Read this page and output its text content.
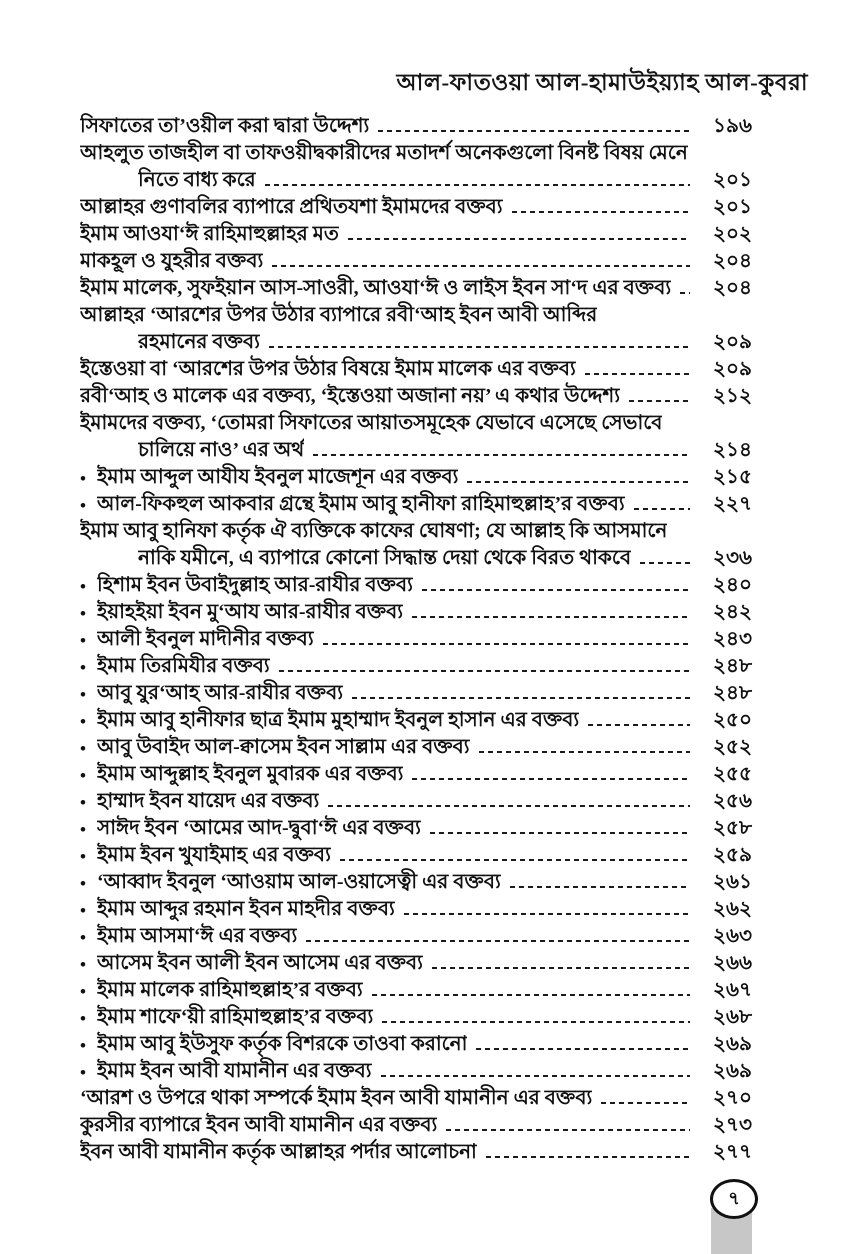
আল-ফাতওয়া আল-হামাউইয়্যাহ আল-কুবরা
সিফাতের তা’ওয়ীল করা দ্বারা উদ্দেশ্য	১৯৬
আহলুত তাজহীল বা তাফওয়ীদ্বকারীদের মতাদর্শ অনেকগুলো বিনষ্ট বিষয় মেনে
নিতে বাধ্য করে	২০১
আল্লাহর গুণাবলির ব্যাপারে প্রথিতযশা ইমামদের বক্তব্য	২০১
ইমাম আওযা‘ঈ রাহিমাহুল্লাহর মত	২০২
মাকহূল ও যুহরীর বক্তব্য	২০৪
ইমাম মালেক, সুফইয়ান আস-সাওরী, আওযা‘ঈ ও লাইস ইবন সা‘দ এর বক্তব্য	২০৪
আল্লাহর ‘আরশের উপর উঠার ব্যাপারে রবী‘আহ ইবন আবী আব্দির
রহমানের বক্তব্য	২০৯
ইস্তেওয়া বা ‘আরশের উপর উঠার বিষয়ে ইমাম মালেক এর বক্তব্য	২০৯
রবী‘আহ ও মালেক এর বক্তব্য, ‘ইস্তেওয়া অজানা নয়’ এ কথার উদ্দেশ্য	২১২
ইমামদের বক্তব্য, ‘তোমরা সিফাতের আয়াতসমূহেক যেভাবে এসেছে সেভাবে
চালিয়ে নাও’ এর অর্থ	২১৪
• ইমাম আব্দুল আযীয ইবনুল মাজেশূন এর বক্তব্য	২১৫
• আল-ফিকহুল আকবার গ্রন্থে ইমাম আবু হানীফা রাহিমাহুল্লাহ’র বক্তব্য	২২৭
ইমাম আবু হানিফা কর্তৃক ঐ ব্যক্তিকে কাফের ঘোষণা; যে আল্লাহ কি আসমানে
নাকি যমীনে, এ ব্যাপারে কোনো সিদ্ধান্ত দেয়া থেকে বিরত থাকবে	২৩৬
• হিশাম ইবন উবাইদুল্লাহ আর-রাযীর বক্তব্য	২৪০
• ইয়াহইয়া ইবন মু‘আয আর-রাযীর বক্তব্য	২৪২
• আলী ইবনুল মাদীনীর বক্তব্য	২৪৩
• ইমাম তিরমিযীর বক্তব্য	২৪৮
• আবু যুর‘আহ আর-রাযীর বক্তব্য	২৪৮
• ইমাম আবু হানীফার ছাত্র ইমাম মুহাম্মাদ ইবনুল হাসান এর বক্তব্য	২৫০
• আবু উবাইদ আল-ক্বাসেম ইবন সাল্লাম এর বক্তব্য	২৫২
• ইমাম আব্দুল্লাহ ইবনুল মুবারক এর বক্তব্য	২৫৫
• হাম্মাদ ইবন যায়েদ এর বক্তব্য	২৫৬
• সাঈদ ইবন ‘আমের আদ-দ্বুবা‘ঈ এর বক্তব্য	২৫৮
• ইমাম ইবন খুযাইমাহ এর বক্তব্য	২৫৯
• ‘আব্বাদ ইবনুল ‘আওয়াম আল-ওয়াসেত্বী এর বক্তব্য	২৬১
• ইমাম আব্দুর রহমান ইবন মাহদীর বক্তব্য	২৬২
• ইমাম আসমা‘ঈ এর বক্তব্য	২৬৩
• আসেম ইবন আলী ইবন আসেম এর বক্তব্য	২৬৬
• ইমাম মালেক রাহিমাহুল্লাহ’র বক্তব্য	২৬৭
• ইমাম শাফে‘য়ী রাহিমাহুল্লাহ’র বক্তব্য	২৬৮
• ইমাম আবু ইউসুফ কর্তৃক বিশরকে তাওবা করানো	২৬৯
• ইমাম ইবন আবী যামানীন এর বক্তব্য	২৬৯
‘আরশ ও উপরে থাকা সম্পর্কে ইমাম ইবন আবী যামানীন এর বক্তব্য	২৭০
কুরসীর ব্যাপারে ইবন আবী যামানীন এর বক্তব্য	২৭৩
ইবন আবী যামানীন কর্তৃক আল্লাহর পর্দার আলোচনা	২৭৭
৭
